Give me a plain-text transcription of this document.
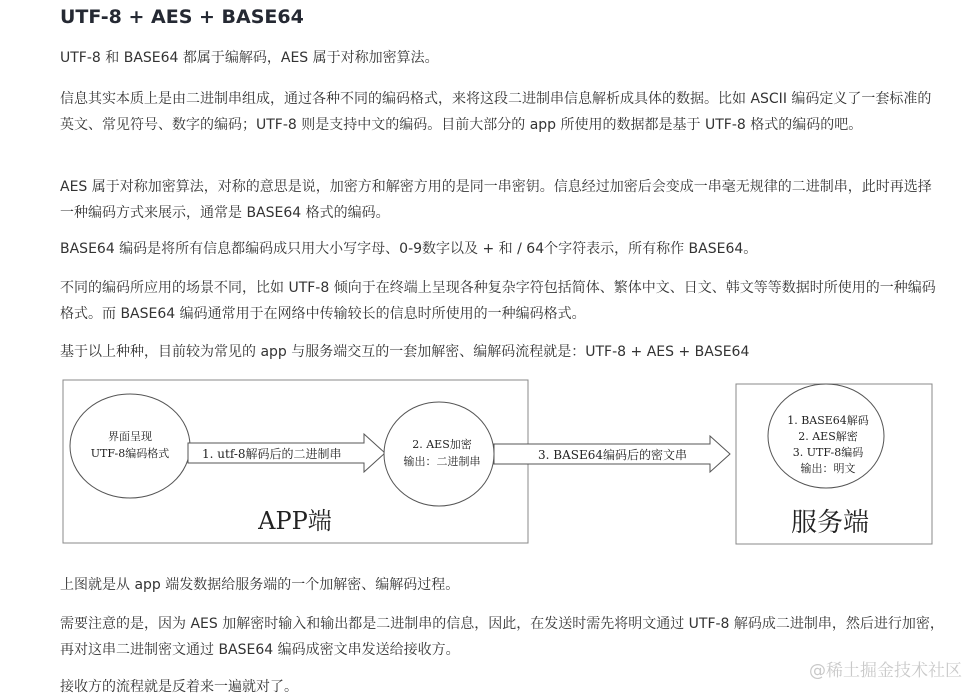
UTF-8 + AES + BASE64

UTF-8 和 BASE64 都属于编解码，AES 属于对称加密算法。

信息其实本质上是由二进制串组成，通过各种不同的编码格式，来将这段二进制串信息解析成具体的数据。比如 ASCII 编码定义了一套标准的英文、常见符号、数字的编码；UTF-8 则是支持中文的编码。目前大部分的 app 所使用的数据都是基于 UTF-8 格式的编码的吧。

AES 属于对称加密算法，对称的意思是说，加密方和解密方用的是同一串密钥。信息经过加密后会变成一串毫无规律的二进制串，此时再选择一种编码方式来展示，通常是 BASE64 格式的编码。

BASE64 编码是将所有信息都编码成只用大小写字母、0-9数字以及 + 和 / 64个字符表示，所有称作 BASE64。

不同的编码所应用的场景不同，比如 UTF-8 倾向于在终端上呈现各种复杂字符包括简体、繁体中文、日文、韩文等等数据时所使用的一种编码格式。而 BASE64 编码通常用于在网络中传输较长的信息时所使用的一种编码格式。

基于以上种种，目前较为常见的 app 与服务端交互的一套加解密、编解码流程就是：UTF-8 + AES + BASE64

界面呈现
UTF-8编码格式	1. utf-8解码后的二进制串
2. AES加密
输出：二进制串	3. BASE64编码后的密文串
1. BASE64解码
2. AES解密
3. UTF-8编码
输出：明文
APP端	服务端

上图就是从 app 端发数据给服务端的一个加解密、编解码过程。

需要注意的是，因为 AES 加解密时输入和输出都是二进制串的信息，因此，在发送时需先将明文通过 UTF-8 解码成二进制串，然后进行加密，再对这串二进制密文通过 BASE64 编码成密文串发送给接收方。

接收方的流程就是反着来一遍就对了。

@稀土掘金技术社区
